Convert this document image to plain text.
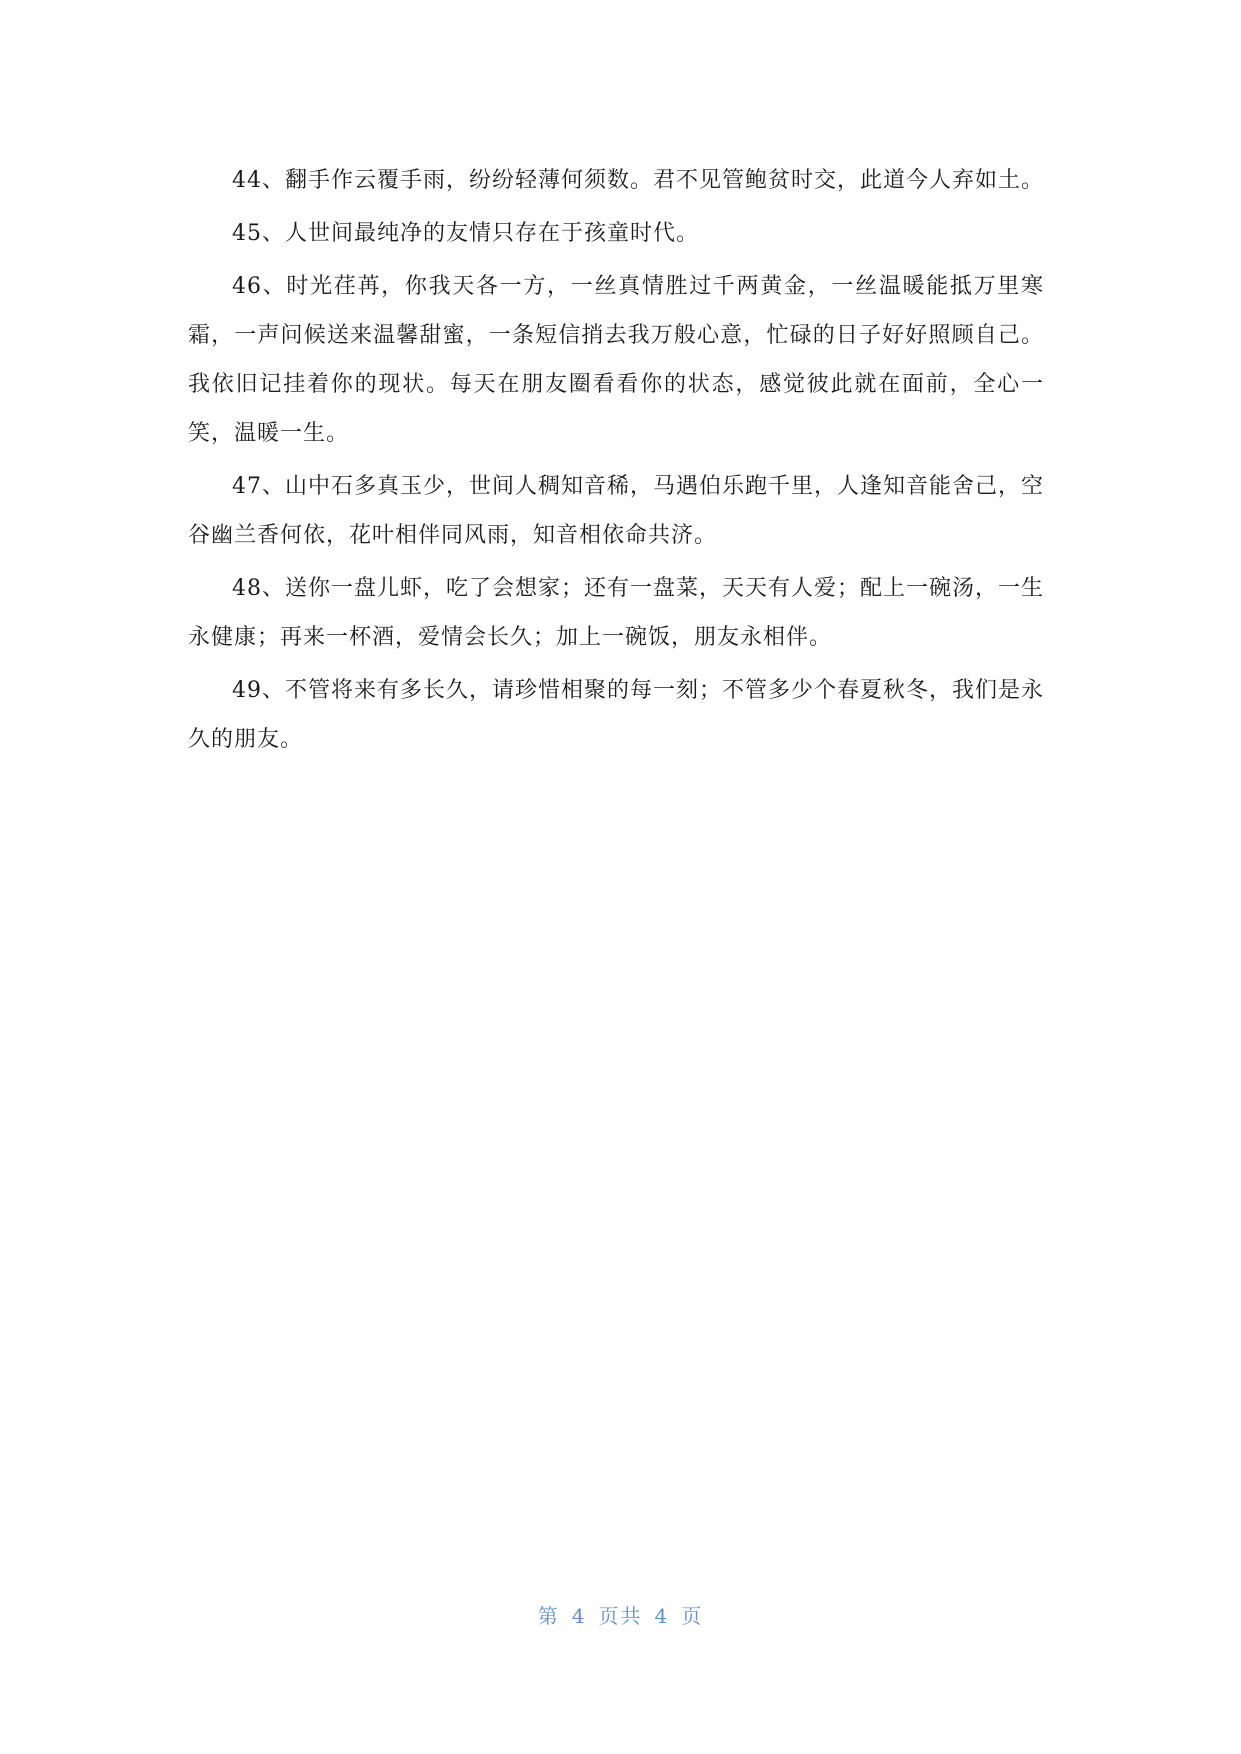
44、翻手作云覆手雨，纷纷轻薄何须数。君不见管鲍贫时交，此道今人弃如土。

45、人世间最纯净的友情只存在于孩童时代。

46、时光荏苒，你我天各一方，一丝真情胜过千两黄金，一丝温暖能抵万里寒霜，一声问候送来温馨甜蜜，一条短信捎去我万般心意，忙碌的日子好好照顾自己。我依旧记挂着你的现状。每天在朋友圈看看你的状态，感觉彼此就在面前，全心一笑，温暖一生。

47、山中石多真玉少，世间人稠知音稀，马遇伯乐跑千里，人逢知音能舍己，空谷幽兰香何依，花叶相伴同风雨，知音相依命共济。

48、送你一盘儿虾，吃了会想家；还有一盘菜，天天有人爱；配上一碗汤，一生永健康；再来一杯酒，爱情会长久；加上一碗饭，朋友永相伴。

49、不管将来有多长久，请珍惜相聚的每一刻；不管多少个春夏秋冬，我们是永久的朋友。

第 4 页共 4 页
